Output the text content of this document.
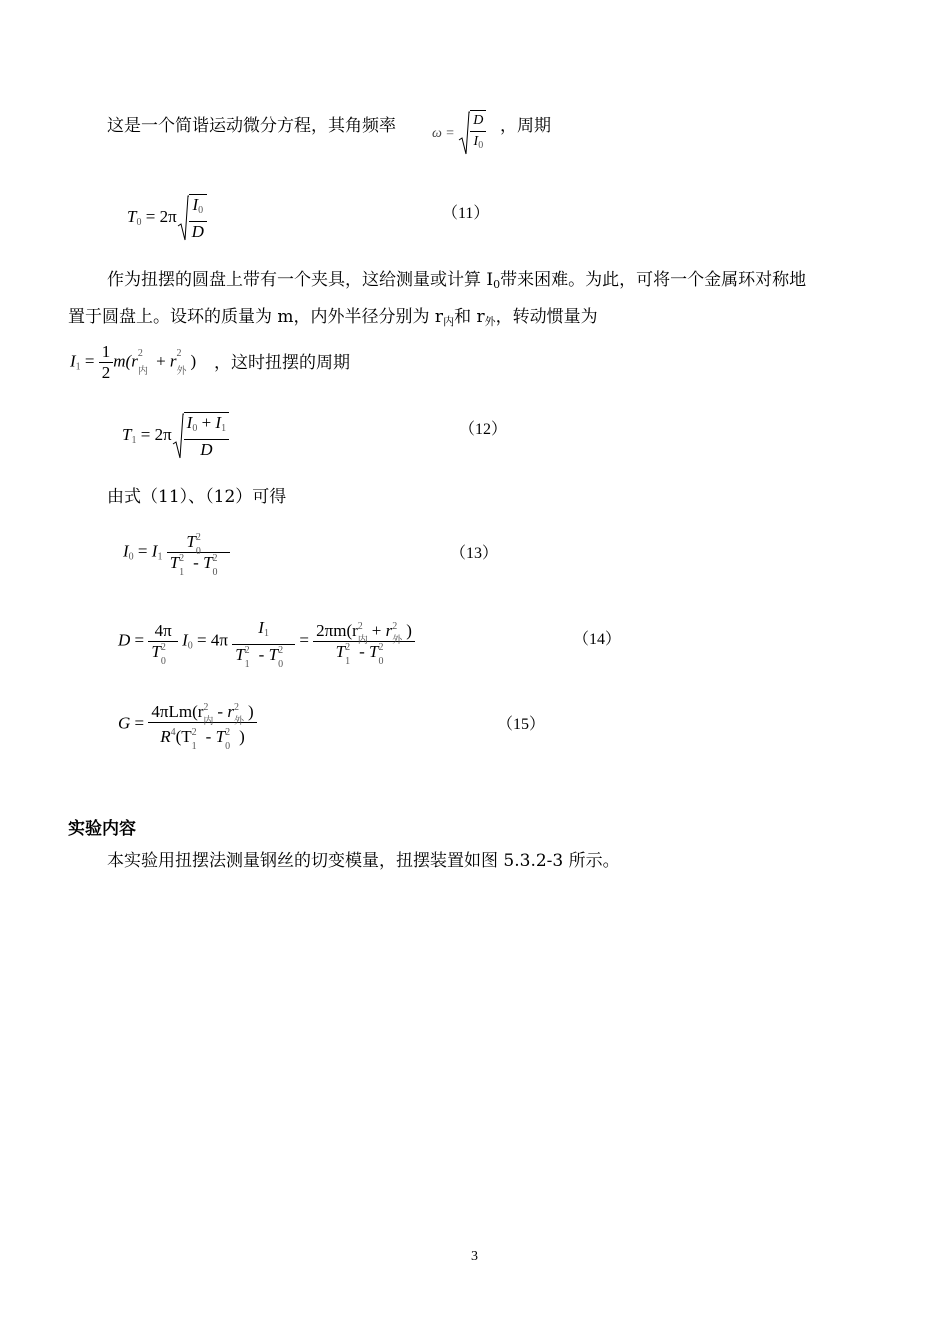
这是一个简谐运动微分方程，其角频率	$\omega = \frac{D}{I_0}$ ，周期
$T_0 = 2\pi \frac{I_0}{D}$	（11）
作为扭摆的圆盘上带有一个夹具，这给测量或计算 I0带来困难。为此，可将一个金属环对称地
置于圆盘上。设环的质量为 m，内外半径分别为 r内和 r外，转动惯量为
$I_1 = \frac{1}{2} m(r$ 2
内
+ r 2
外
) ，这时扭摆的周期
$T_1 = 2\pi \frac{I_0 + I_1}{D}$	（12）
由式（11）、（12）可得
$I_0 = I_1$ T 2
0
T 2
1
- T 2
0	（13）
D = 4π
T 2
0 $I_0 = 4\pi$ $I_1$
T 2
1
- T 2
0 = 2πm(r 2
内
+ r 2
外
)
T 2
1
- T 2
0	（14）
G = 4πLm(r 2
内
- r 2
外
)
$R^4(T$ 2
1
- T 2
0
)	（15）
实验内容
本实验用扭摆法测量钢丝的切变模量，扭摆装置如图 5.3.2-3 所示。
3
